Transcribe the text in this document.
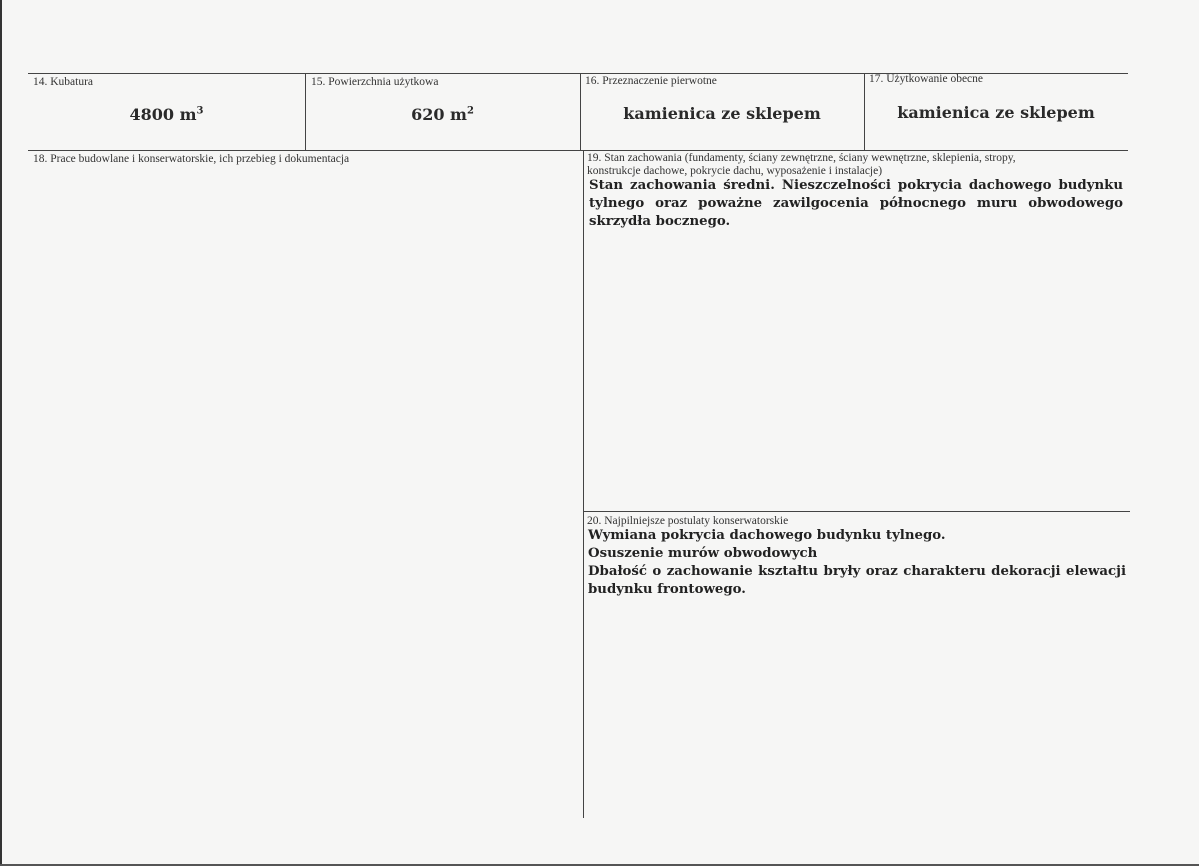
14. Kubatura
4800 $m^3$
15. Powierzchnia użytkowa
620 $m^2$
16. Przeznaczenie pierwotne
kamienica ze sklepem
17. Użytkowanie obecne
kamienica ze sklepem
18. Prace budowlane i konserwatorskie, ich przebieg i dokumentacja	19. Stan zachowania (fundamenty, ściany zewnętrzne, ściany wewnętrzne, sklepienia, stropy,
konstrukcje dachowe, pokrycie dachu, wyposażenie i instalacje)
Stan zachowania średni. Nieszczelności pokrycia dachowego budynku tylnego oraz poważne zawilgocenia północnego muru obwodowego skrzydła bocznego.
20. Najpilniejsze postulaty konserwatorskie
Wymiana pokrycia dachowego budynku tylnego.
Osuszenie murów obwodowych
Dbałość o zachowanie kształtu bryły oraz charakteru dekoracji elewacji budynku frontowego.
